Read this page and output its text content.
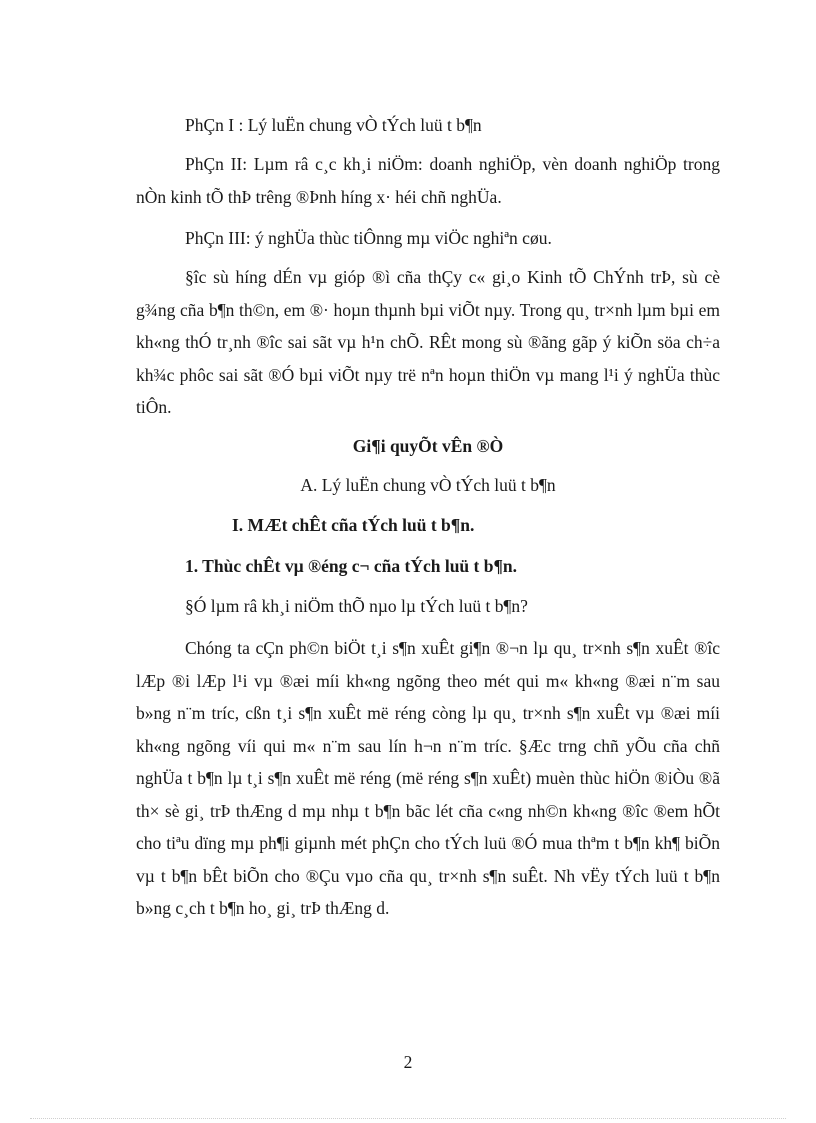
PhÇn I : Lý luËn chung vÒ tÝch luü t b¶n

PhÇn II: Lµm râ c¸c kh¸i niÖm: doanh nghiÖp, vèn doanh nghiÖp trong nÒn kinh tÕ thÞ trêng ®Þnh híng x· héi chñ nghÜa.

PhÇn III: ý nghÜa thùc tiÔnng mµ viÖc nghiªn cøu.

§îc sù híng dÉn vµ gióp ®ì cña thÇy c« gi¸o Kinh tÕ ChÝnh trÞ, sù cè g¾ng cña b¶n th©n, em ®· hoµn thµnh bµi viÕt nµy. Trong qu¸ tr×nh lµm bµi em kh«ng thÓ tr¸nh ®îc sai sãt vµ h¹n chÕ. RÊt mong sù ®ãng gãp ý kiÕn söa ch÷a kh¾c phôc sai sãt ®Ó bµi viÕt nµy trë nªn hoµn thiÖn vµ mang l¹i ý nghÜa thùc tiÔn.

Gi¶i quyÕt vÊn ®Ò

A. Lý luËn chung vÒ tÝch luü t b¶n

I. MÆt chÊt cña tÝch luü t b¶n.

1. Thùc chÊt vµ ®éng c¬ cña tÝch luü t b¶n.

§Ó lµm râ kh¸i niÖm thÕ nµo lµ tÝch luü t b¶n?

Chóng ta cÇn ph©n biÖt t¸i s¶n xuÊt gi¶n ®¬n lµ qu¸ tr×nh s¶n xuÊt ®îc lÆp ®i lÆp l¹i vµ ®æi míi kh«ng ngõng theo mét qui m« kh«ng ®æi n¨m sau b»ng n¨m tríc, cßn t¸i s¶n xuÊt më réng còng lµ qu¸ tr×nh s¶n xuÊt vµ ®æi míi kh«ng ngõng víi qui m« n¨m sau lín h¬n n¨m tríc. §Æc trng chñ yÕu cña chñ nghÜa t b¶n lµ t¸i s¶n xuÊt më réng (më réng s¶n xuÊt) muèn thùc hiÖn ®iÒu ®ã th× sè gi¸ trÞ thÆng d mµ nhµ t b¶n bãc lét cña c«ng nh©n kh«ng ®îc ®em hÕt cho tiªu dïng mµ ph¶i giµnh mét phÇn cho tÝch luü ®Ó mua thªm t b¶n kh¶ biÕn vµ t b¶n bÊt biÕn cho ®Çu vµo cña qu¸ tr×nh s¶n suÊt. Nh vËy tÝch luü t b¶n b»ng c¸ch t b¶n ho¸ gi¸ trÞ thÆng d.

2
